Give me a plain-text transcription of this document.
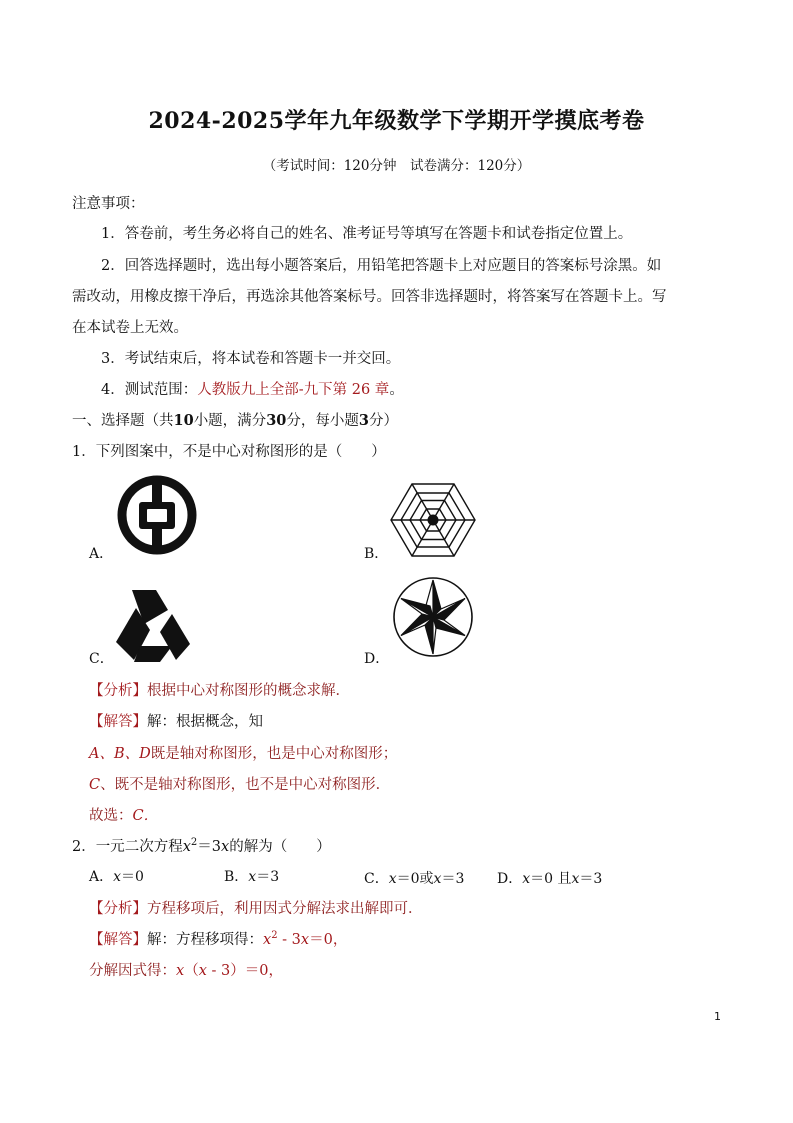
2024-2025学年九年级数学下学期开学摸底考卷
（考试时间：120分钟　试卷满分：120分）
注意事项：
1．答卷前，考生务必将自己的姓名、准考证号等填写在答题卡和试卷指定位置上。
2．回答选择题时，选出每小题答案后，用铅笔把答题卡上对应题目的答案标号涂黑。如
需改动，用橡皮擦干净后，再选涂其他答案标号。回答非选择题时，将答案写在答题卡上。写
在本试卷上无效。
3．考试结束后，将本试卷和答题卡一并交回。
4．测试范围：人教版九上全部-九下第 26 章。
一、选择题（共10小题，满分30分，每小题3分）
1．下列图案中，不是中心对称图形的是（　　）
A．	B．
C．	D．
【分析】根据中心对称图形的概念求解．
【解答】解：根据概念，知
A、B、D既是轴对称图形，也是中心对称图形；
C、既不是轴对称图形，也不是中心对称图形．
故选：C．
2．一元二次方程$x^2=3x$的解为（　　）
A．x＝0	B．x＝3	C．x＝0或x＝3 D．x＝0 且x＝3
【分析】方程移项后，利用因式分解法求出解即可．
【解答】解：方程移项得：$x^2 - 3x=0$，
分解因式得：x（x - 3）＝0，
1
